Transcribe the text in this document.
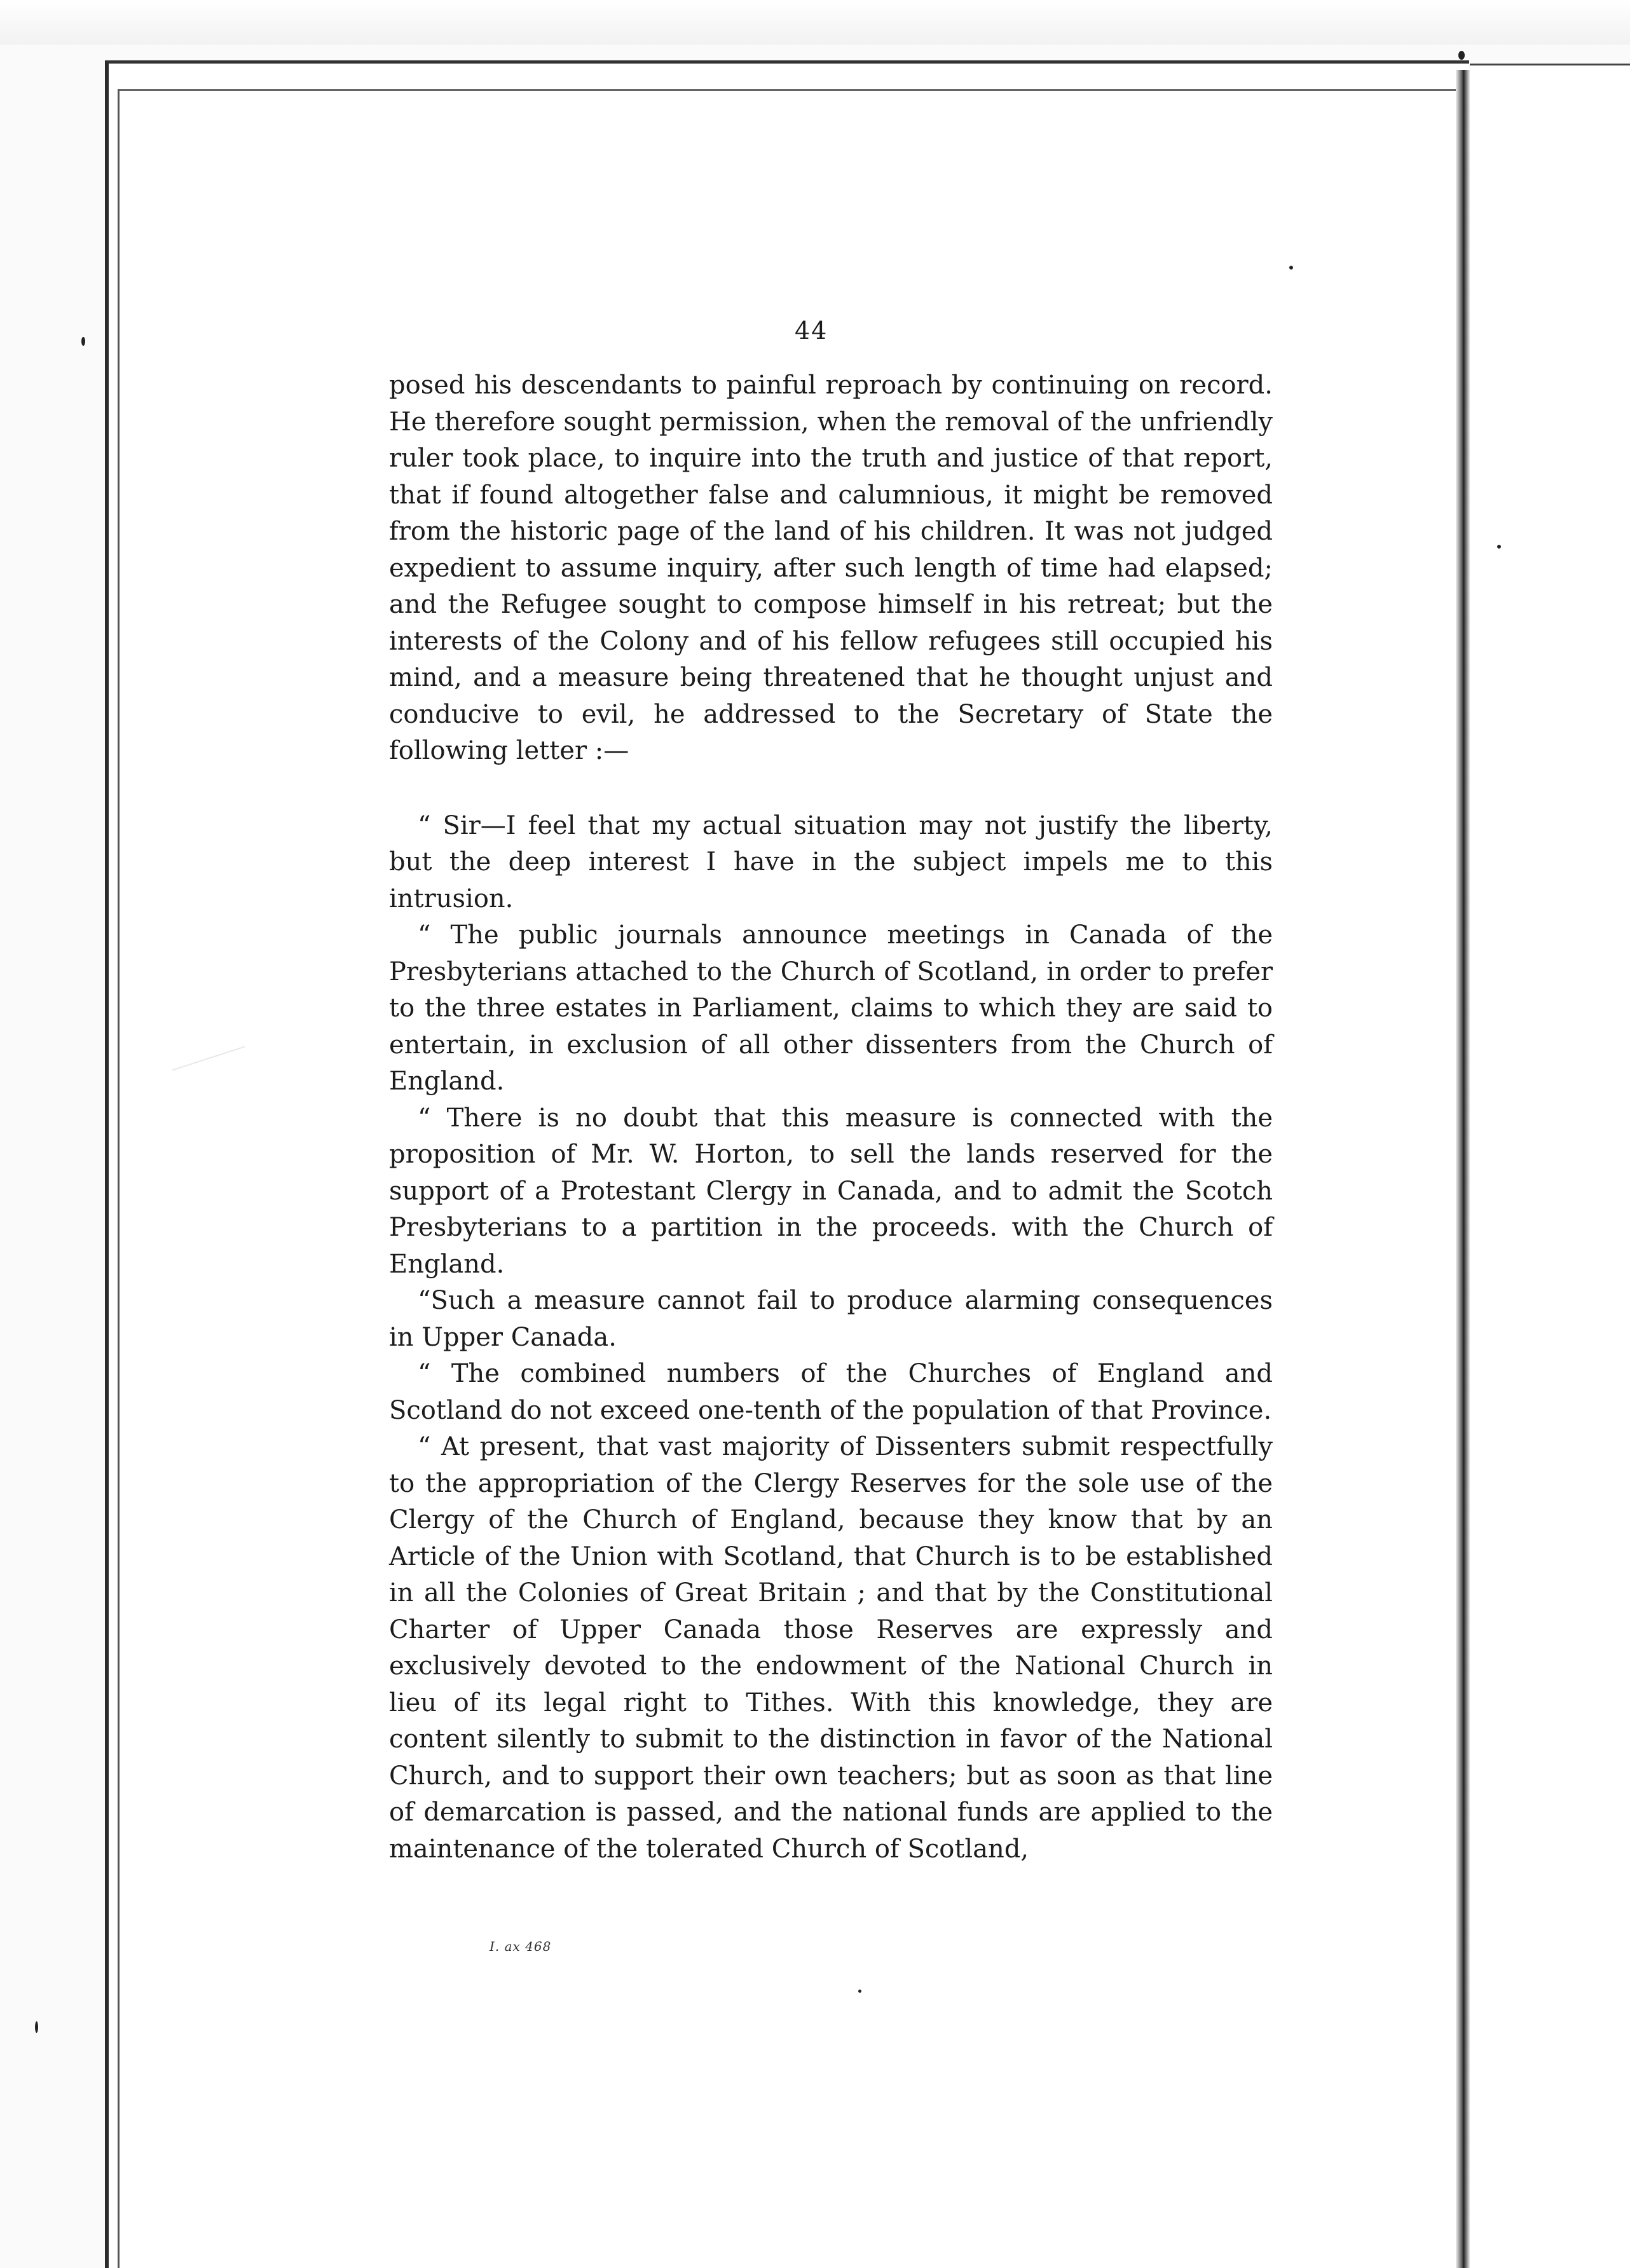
44

posed his descendants to painful reproach by continuing on record. He therefore sought permission, when the removal of the unfriendly ruler took place, to inquire into the truth and justice of that report, that if found altogether false and calumnious, it might be removed from the historic page of the land of his children. It was not judged expedient to assume inquiry, after such length of time had elapsed; and the Refugee sought to compose himself in his retreat; but the interests of the Colony and of his fellow refugees still occupied his mind, and a measure being threatened that he thought unjust and conducive to evil, he addressed to the Secretary of State the following letter :—

“ Sir—I feel that my actual situation may not justify the liberty, but the deep interest I have in the subject impels me to this intrusion.

“ The public journals announce meetings in Canada of the Presbyterians attached to the Church of Scotland, in order to prefer to the three estates in Parliament, claims to which they are said to entertain, in exclusion of all other dissenters from the Church of England.

“ There is no doubt that this measure is connected with the proposition of Mr. W. Horton, to sell the lands reserved for the support of a Protestant Clergy in Canada, and to admit the Scotch Presbyterians to a partition in the proceeds. with the Church of England.

“Such a measure cannot fail to produce alarming consequences in Upper Canada.

“ The combined numbers of the Churches of England and Scotland do not exceed one-tenth of the population of that Province.

“ At present, that vast majority of Dissenters submit respectfully to the appropriation of the Clergy Reserves for the sole use of the Clergy of the Church of England, because they know that by an Article of the Union with Scotland, that Church is to be established in all the Colonies of Great Britain ; and that by the Constitutional Charter of Upper Canada those Reserves are expressly and exclusively devoted to the endowment of the National Church in lieu of its legal right to Tithes. With this knowledge, they are content silently to submit to the distinction in favor of the National Church, and to support their own teachers; but as soon as that line of demarcation is passed, and the national funds are applied to the maintenance of the tolerated Church of Scotland,

I. ax 468
